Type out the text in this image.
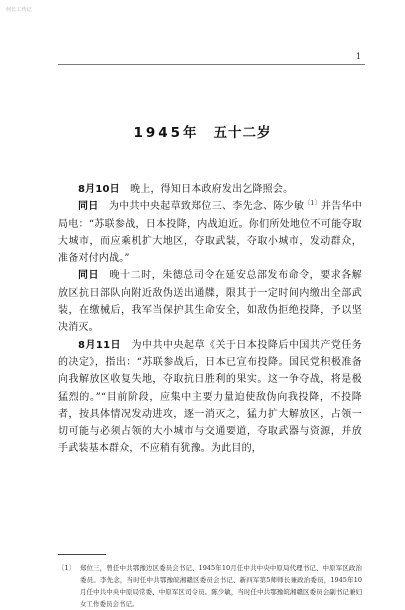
何长工传记
1
1945年 五十二岁

8月10日　 晚上，得知日本政府发出乞降照会。

同日　 为中共中央起草致郑位三、李先念、陈少敏$^{〔1〕}$并告华中局电：“苏联参战，日本投降，内战迫近。你们所处地位不可能夺取大城市，而应乘机扩大地区，夺取武装，夺取小城市，发动群众，准备对付内战。”

同日　 晚十二时，朱德总司令在延安总部发布命令，要求各解放区抗日部队向附近敌伪送出通牒，限其于一定时间内缴出全部武装，在缴械后，我军当保护其生命安全，如敌伪拒绝投降，予以坚决消灭。

8月11日　 为中共中央起草《关于日本投降后中国共产党任务的决定》，指出：“苏联参战后，日本已宣布投降。国民党积极准备向我解放区收复失地，夺取抗日胜利的果实。这一争夺战，将是极猛烈的。”“目前阶段，应集中主要力量迫使敌伪向我投降，不投降者，按具体情况发动进攻，逐一消灭之，猛力扩大解放区，占领一切可能与必须占领的大小城市与交通要道，夺取武器与资源，并放手武装基本群众，不应稍有犹豫。为此目的，

〔1〕 郑位三，曾任中共鄂豫边区委员会书记、1945年10月任中共中央中原局代理书记、中原军区政治委员。李先念，当时任中共鄂豫皖湘赣区委员会书记、新四军第5师师长兼政治委员，1945年10月任中共中央中原局常委、中原军区司令员。陈少敏，当时任中共鄂豫皖湘赣区委员会副书记兼妇女工作委员会书记。
